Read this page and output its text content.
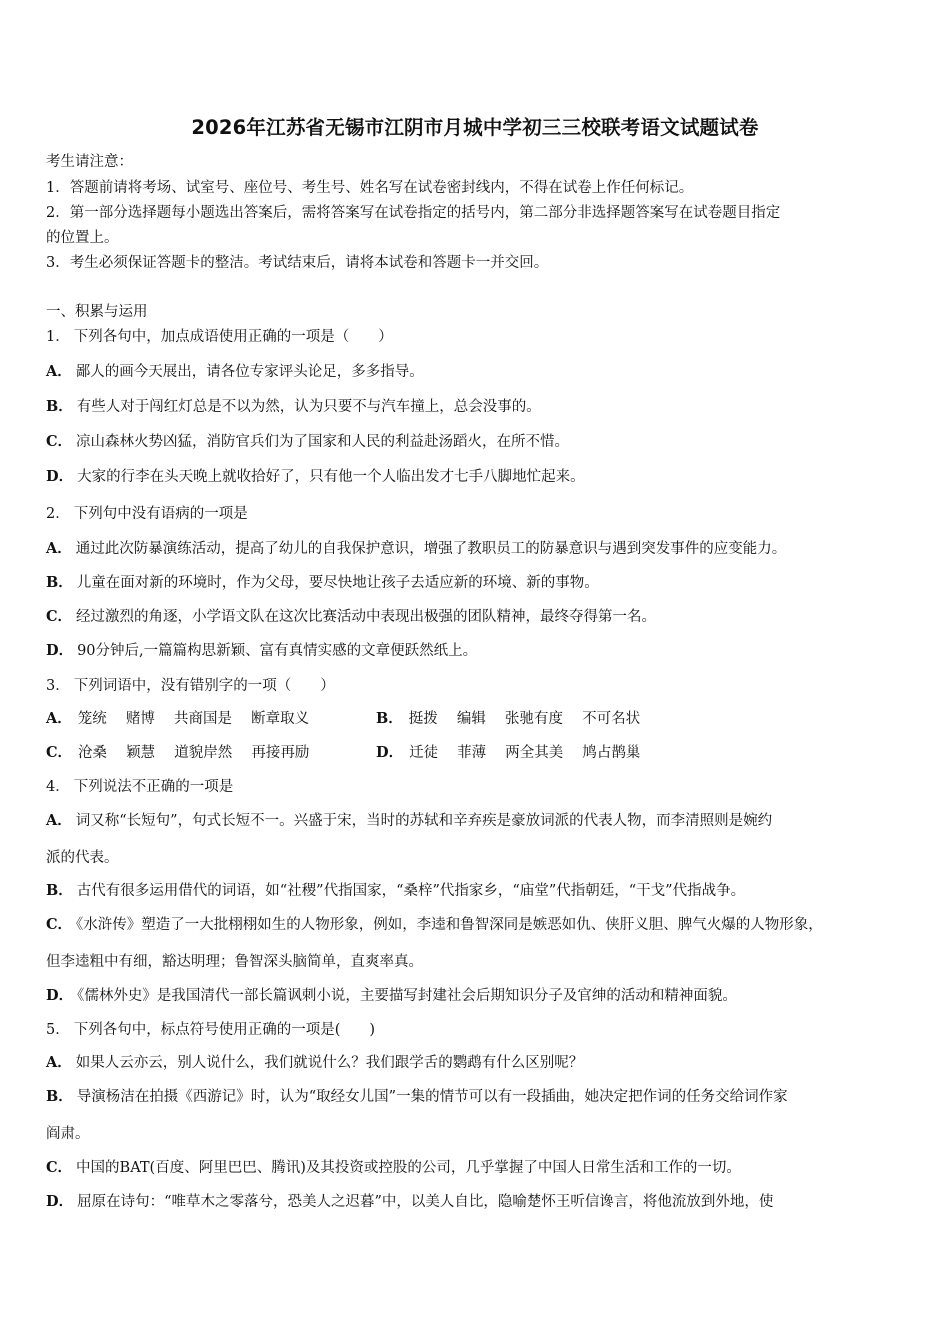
2026年江苏省无锡市江阴市月城中学初三三校联考语文试题试卷
考生请注意：
1．答题前请将考场、试室号、座位号、考生号、姓名写在试卷密封线内，不得在试卷上作任何标记。
2．第一部分选择题每小题选出答案后，需将答案写在试卷指定的括号内，第二部分非选择题答案写在试卷题目指定
的位置上。
3．考生必须保证答题卡的整洁。考试结束后，请将本试卷和答题卡一并交回。
一、积累与运用
1． 下列各句中，加点成语使用正确的一项是（　　）
A． 鄙人的画今天展出，请各位专家评头论足，多多指导。
B． 有些人对于闯红灯总是不以为然，认为只要不与汽车撞上，总会没事的。
C． 凉山森林火势凶猛，消防官兵们为了国家和人民的利益赴汤蹈火，在所不惜。
D． 大家的行李在头天晚上就收拾好了，只有他一个人临出发才七手八脚地忙起来。
2． 下列句中没有语病的一项是
A． 通过此次防暴演练活动，提高了幼儿的自我保护意识，增强了教职员工的防暴意识与遇到突发事件的应变能力。
B． 儿童在面对新的环境时，作为父母，要尽快地让孩子去适应新的环境、新的事物。
C． 经过激烈的角逐，小学语文队在这次比赛活动中表现出极强的团队精神，最终夺得第一名。
D． 90分钟后,一篇篇构思新颖、富有真情实感的文章便跃然纸上。
3． 下列词语中，没有错别字的一项（　　）
A． 笼统　 赌博　 共商国是　 断章取义	B． 挺拨　 编辑　 张驰有度　 不可名状
C． 沧桑　 颖慧　 道貌岸然　 再接再励	D． 迁徒　 菲薄　 两全其美　 鸠占鹊巢
4． 下列说法不正确的一项是
A． 词又称“长短句”，句式长短不一。兴盛于宋，当时的苏轼和辛弃疾是豪放词派的代表人物，而李清照则是婉约
派的代表。
B． 古代有很多运用借代的词语，如“社稷”代指国家，“桑梓”代指家乡，“庙堂”代指朝廷，“干戈”代指战争。
C． 《水浒传》塑造了一大批栩栩如生的人物形象，例如，李逵和鲁智深同是嫉恶如仇、侠肝义胆、脾气火爆的人物形象，
但李逵粗中有细，豁达明理；鲁智深头脑简单，直爽率真。
D． 《儒林外史》是我国清代一部长篇讽刺小说，主要描写封建社会后期知识分子及官绅的活动和精神面貌。
5． 下列各句中，标点符号使用正确的一项是(　　)
A． 如果人云亦云，别人说什么，我们就说什么？我们跟学舌的鹦鹉有什么区别呢？
B． 导演杨洁在拍摄《西游记》时，认为“取经女儿国”一集的情节可以有一段插曲，她决定把作词的任务交给词作家
阎肃。
C． 中国的BAT(百度、阿里巴巴、腾讯)及其投资或控股的公司，几乎掌握了中国人日常生活和工作的一切。
D． 屈原在诗句：“唯草木之零落兮，恐美人之迟暮”中，以美人自比，隐喻楚怀王听信谗言，将他流放到外地，使
